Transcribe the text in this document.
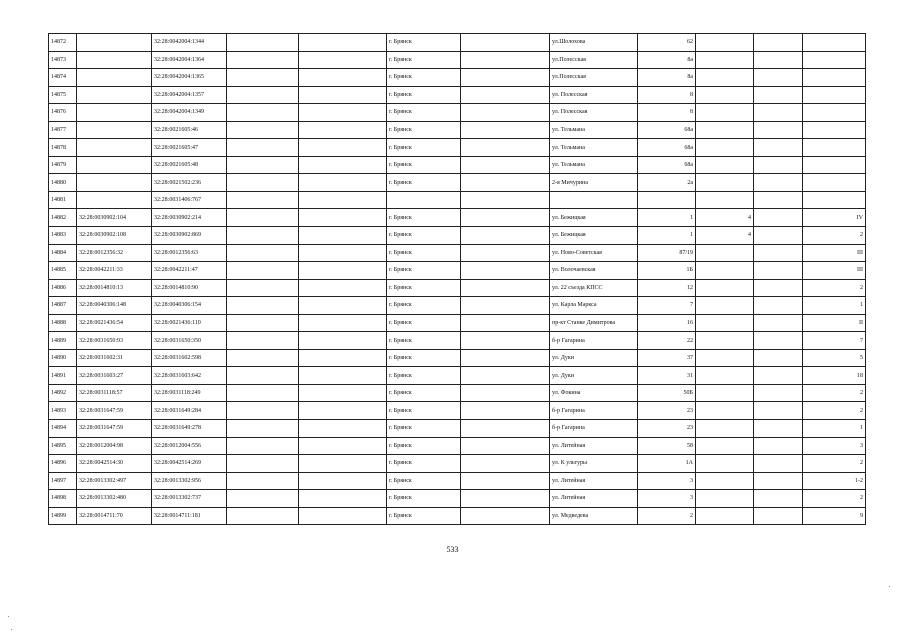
14872		32:28:0042004:1344			г. Брянск		ул.Шолохова	62			
14873		32:28:0042004:1364			г. Брянск		ул.Полесская	8а			
14874		32:28:0042004:1365			г. Брянск		ул.Полесская	8а			
14875		32:28:0042004:1357			г. Брянск		ул. Полесская	8			
14876		32:28:0042004:1349			г. Брянск		ул. Полесская	8			
14877		32:28:0021605:46			г. Брянск		ул. Тельмана	68а			
14878		32:28:0021605:47			г. Брянск		ул. Тельмана	68а			
14879		32:28:0021605:48			г. Брянск		ул. Тельмана	68а			
14880		32:28:0021502:236			г. Брянск		2-я Мичурина	2а			
14881		32:28:0031406:767									
14882	32:28:0030902:104	32:28:0030902:214			г. Брянск		ул. Бежицкая	1	4		IV
14883	32:28:0030902:108	32:28:0030902:869			г. Брянск		ул. Бежицкая	1	4		2
14884	32:28:0012356:32	32:28:0012356:63			г. Брянск		ул. Ново-Советская	87/19			III
14885	32:28:0042211:33	32:28:0042211:47			г. Брянск		ул. Волочаевская	1Б			III
14886	32:28:0014810:13	32:28:0014810:90			г. Брянск		ул. 22 съезда КПСС	12			2
14887	32:28:0040306:148	32:28:0040306:154			г. Брянск		ул. Карла Маркса	7			1
14888	32:28:0021436:54	32:28:0021436:110			г. Брянск		пр-кт Станке Димитрова	16			II
14889	32:28:0031650:93	32:28:0031650:350			г. Брянск		б-р Гагарина	22			7
14890	32:28:0031602:31	32:28:0031602:598			г. Брянск		ул. Дуки	37			5
14891	32:28:0031603:27	32:28:0031603:642			г. Брянск		ул. Дуки	31			18
14892	32:28:0031118:57	32:28:0031118:249			г. Брянск		ул. Фокина	50Б			2
14893	32:28:0031647:59	32:28:0031649:284			г. Брянск		б-р Гагарина	23			2
14894	32:28:0031647:59	32:28:0031649:278			г. Брянск		б-р Гагарина	23			1
14895	32:28:0012004:98	32:28:0012004:556			г. Брянск		ул. Литейная	58			3
14896	32:28:0042514:30	32:28:0042514:269			г. Брянск		ул. К ультуры	1А			2
14897	32:28:0013302:497	32:28:0013302:956			г. Брянск		ул. Литейная	3			1-2
14898	32:28:0013302:480	32:28:0013302:737			г. Брянск		ул. Литейная	3			2
14899	32:28:0014711:70	32:28:0014711:181			г. Брянск		ул. Медведева	2			9
533
